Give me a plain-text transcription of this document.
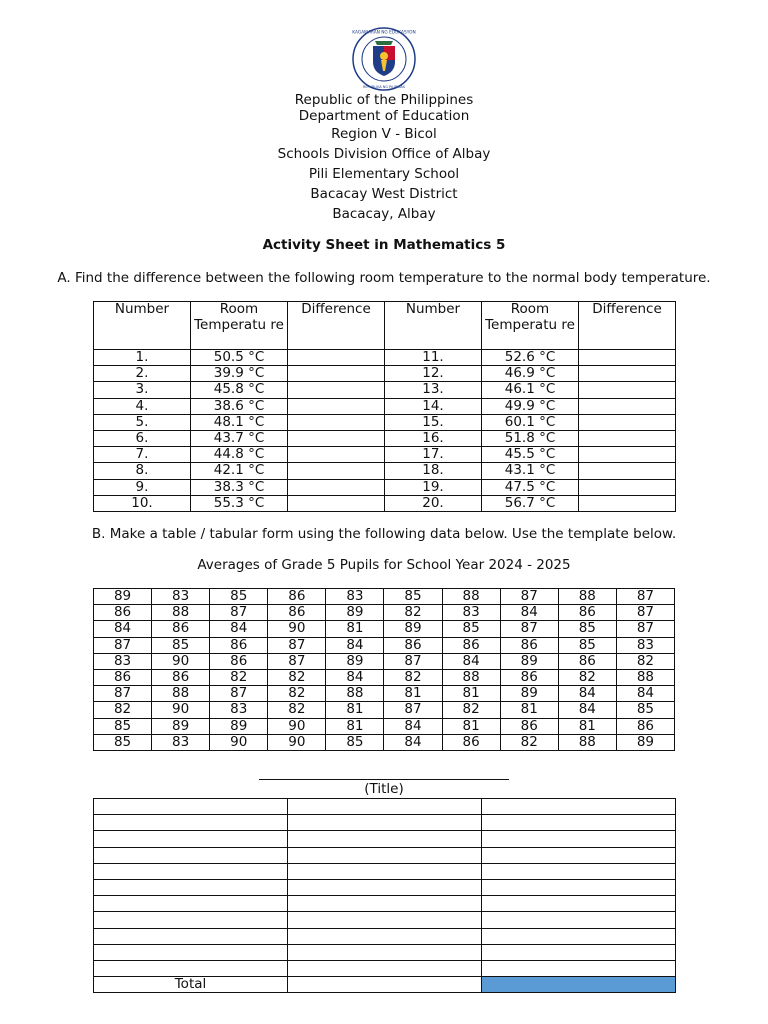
KAGAWARAN NG EDUKASYON
REPUBLIKA NG PILIPINAS
Republic of the Philippines
Department of Education
Region V - Bicol
Schools Division Office of Albay
Pili Elementary School
Bacacay West District
Bacacay, Albay
Activity Sheet in Mathematics 5
A. Find the difference between the following room temperature to the normal body temperature.
Number	Room Temperatu re	Difference	Number	Room Temperatu re	Difference
1.	50.5 °C		11.	52.6 °C	
2.	39.9 °C		12.	46.9 °C	
3.	45.8 °C		13.	46.1 °C	
4.	38.6 °C		14.	49.9 °C	
5.	48.1 °C		15.	60.1 °C	
6.	43.7 °C		16.	51.8 °C	
7.	44.8 °C		17.	45.5 °C	
8.	42.1 °C		18.	43.1 °C	
9.	38.3 °C		19.	47.5 °C	
10.	55.3 °C		20.	56.7 °C	
B. Make a table / tabular form using the following data below. Use the template below.
Averages of Grade 5 Pupils for School Year 2024 - 2025
89	83	85	86	83	85	88	87	88	87
86	88	87	86	89	82	83	84	86	87
84	86	84	90	81	89	85	87	85	87
87	85	86	87	84	86	86	86	85	83
83	90	86	87	89	87	84	89	86	82
86	86	82	82	84	82	88	86	82	88
87	88	87	82	88	81	81	89	84	84
82	90	83	82	81	87	82	81	84	85
85	89	89	90	81	84	81	86	81	86
85	83	90	90	85	84	86	82	88	89
(Title)

Total		
